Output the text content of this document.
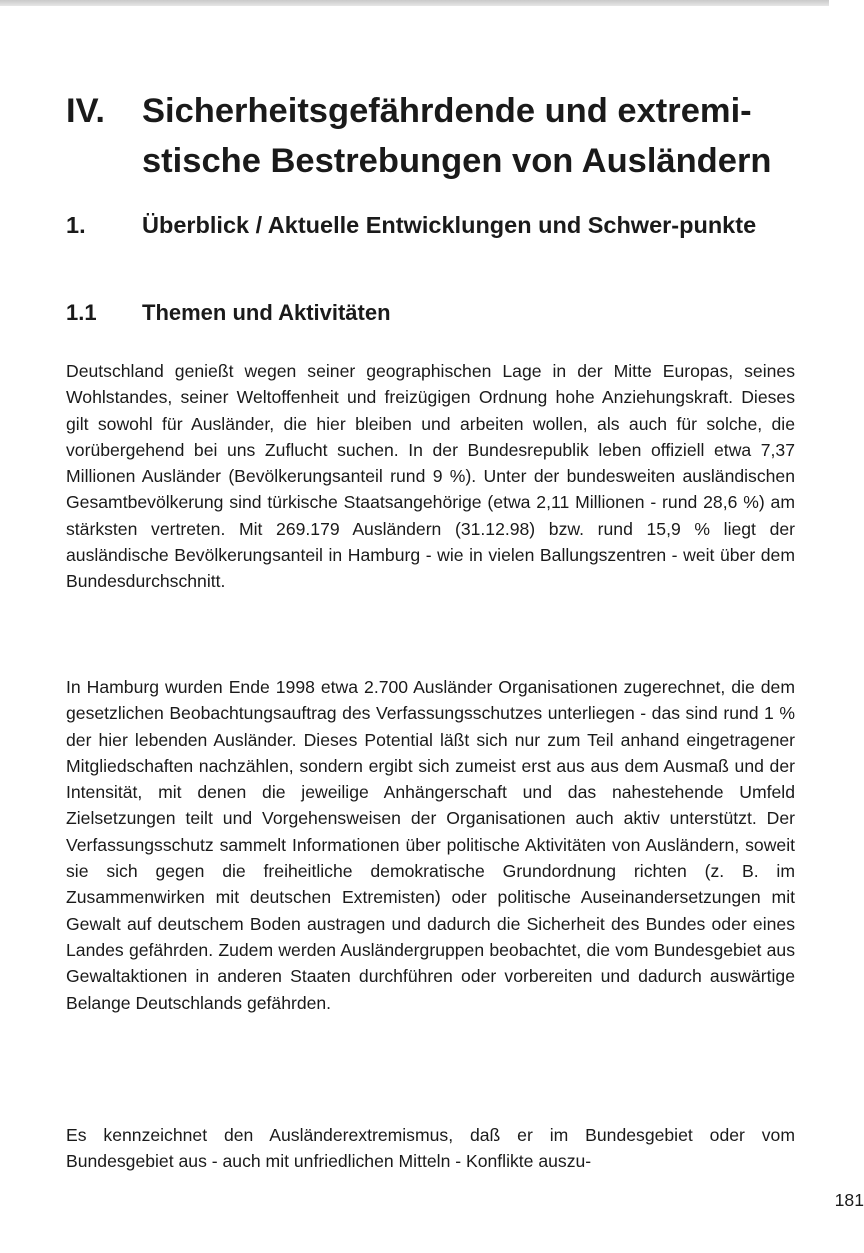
IV. Sicherheitsgefährdende und extremi-stische Bestrebungen von Ausländern
1. Überblick / Aktuelle Entwicklungen und Schwer-punkte
1.1 Themen und Aktivitäten

Deutschland genießt wegen seiner geographischen Lage in der Mitte Europas, seines Wohlstandes, seiner Weltoffenheit und freizügigen Ordnung hohe Anziehungskraft. Dieses gilt sowohl für Ausländer, die hier bleiben und arbeiten wollen, als auch für solche, die vorübergehend bei uns Zuflucht suchen. In der Bundesrepublik leben offiziell etwa 7,37 Millionen Ausländer (Bevölkerungsanteil rund 9 %). Unter der bundesweiten ausländischen Gesamtbevölkerung sind türkische Staatsangehörige (etwa 2,11 Millionen - rund 28,6 %) am stärksten vertreten. Mit 269.179 Ausländern (31.12.98) bzw. rund 15,9 % liegt der ausländische Bevölkerungsanteil in Hamburg - wie in vielen Ballungszentren - weit über dem Bundesdurchschnitt.

In Hamburg wurden Ende 1998 etwa 2.700 Ausländer Organisationen zugerechnet, die dem gesetzlichen Beobachtungsauftrag des Verfassungsschutzes unterliegen - das sind rund 1 % der hier lebenden Ausländer. Dieses Potential läßt sich nur zum Teil anhand eingetragener Mitgliedschaften nachzählen, sondern ergibt sich zumeist erst aus aus dem Ausmaß und der Intensität, mit denen die jeweilige Anhängerschaft und das nahestehende Umfeld Zielsetzungen teilt und Vorgehensweisen der Organisationen auch aktiv unterstützt. Der Verfassungsschutz sammelt Informationen über politische Aktivitäten von Ausländern, soweit sie sich gegen die freiheitliche demokratische Grundordnung richten (z. B. im Zusammenwirken mit deutschen Extremisten) oder politische Auseinandersetzungen mit Gewalt auf deutschem Boden austragen und dadurch die Sicherheit des Bundes oder eines Landes gefährden. Zudem werden Ausländergruppen beobachtet, die vom Bundesgebiet aus Gewaltaktionen in anderen Staaten durchführen oder vorbereiten und dadurch auswärtige Belange Deutschlands gefährden.

Es kennzeichnet den Ausländerextremismus, daß er im Bundesgebiet oder vom Bundesgebiet aus - auch mit unfriedlichen Mitteln - Konflikte auszu-

181
